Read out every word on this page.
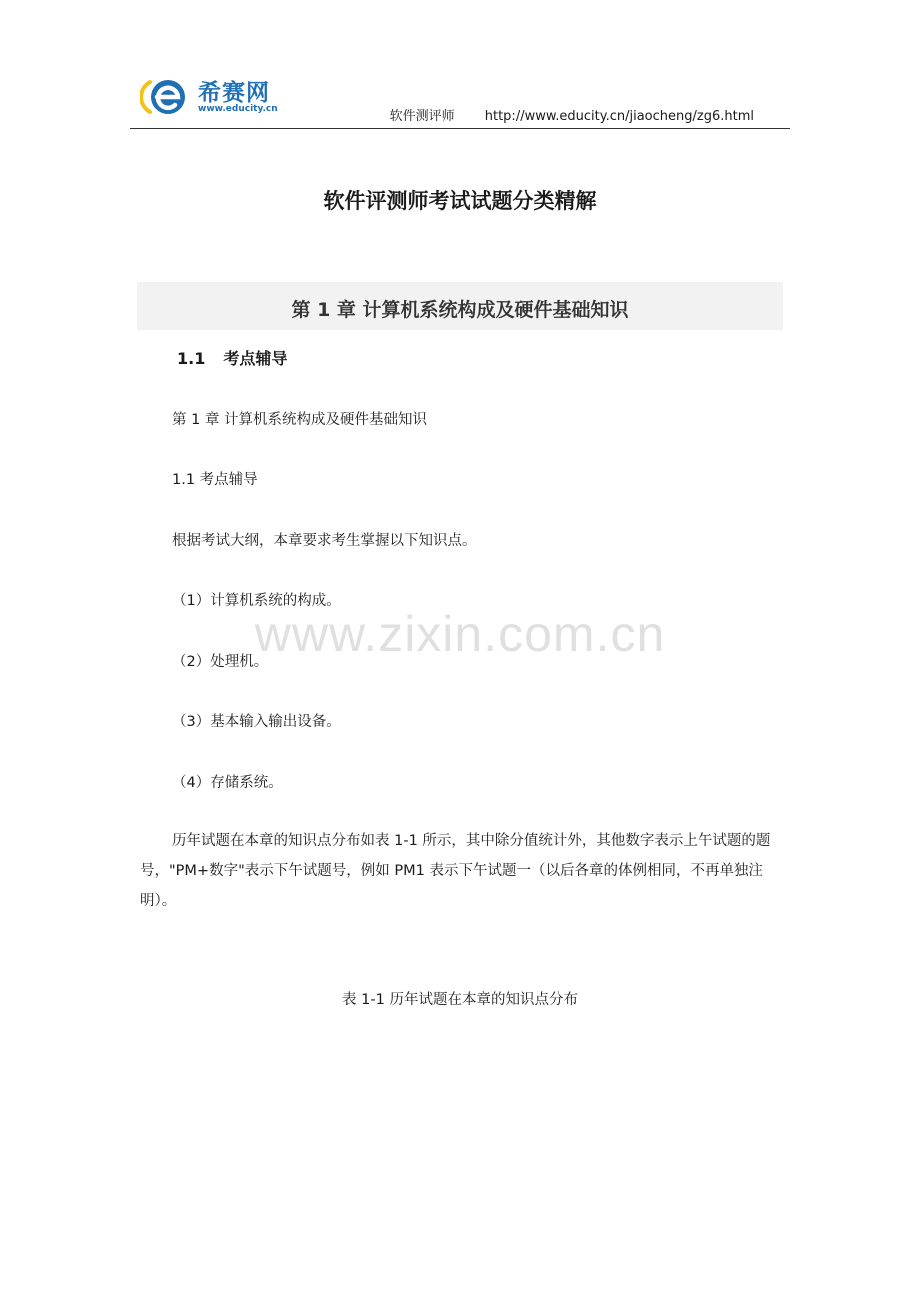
希赛网
www.educity.cn	软件测评师 http://www.educity.cn/jiaocheng/zg6.html
软件评测师考试试题分类精解
第 1 章 计算机系统构成及硬件基础知识
1.1 考点辅导
第 1 章 计算机系统构成及硬件基础知识
1.1 考点辅导
根据考试大纲，本章要求考生掌握以下知识点。
（1）计算机系统的构成。
（2）处理机。
（3）基本输入输出设备。
（4）存储系统。
历年试题在本章的知识点分布如表 1-1 所示，其中除分值统计外，其他数字表示上午试题的题号，"PM+数字"表示下午试题号，例如 PM1 表示下午试题一（以后各章的体例相同，不再单独注明）。
表 1-1 历年试题在本章的知识点分布
www.zixin.com.cn
